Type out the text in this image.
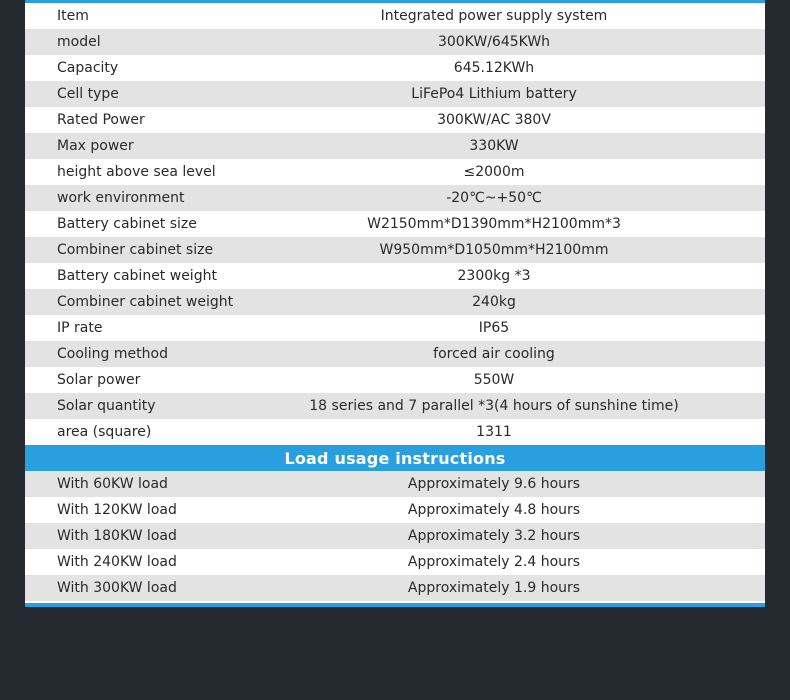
Item	Integrated power supply system
model	300KW/645KWh
Capacity	645.12KWh
Cell type	LiFePo4 Lithium battery
Rated Power	300KW/AC 380V
Max power	330KW
height above sea level	≤2000m
work environment	-20℃~+50℃
Battery cabinet size	W2150mm*D1390mm*H2100mm*3
Combiner cabinet size	W950mm*D1050mm*H2100mm
Battery cabinet weight	2300kg *3
Combiner cabinet weight	240kg
IP rate	IP65
Cooling method	forced air cooling
Solar power	550W
Solar quantity	18 series and 7 parallel *3(4 hours of sunshine time)
area (square)	1311
Load usage instructions
With 60KW load	Approximately 9.6 hours
With 120KW load	Approximately 4.8 hours
With 180KW load	Approximately 3.2 hours
With 240KW load	Approximately 2.4 hours
With 300KW load	Approximately 1.9 hours
